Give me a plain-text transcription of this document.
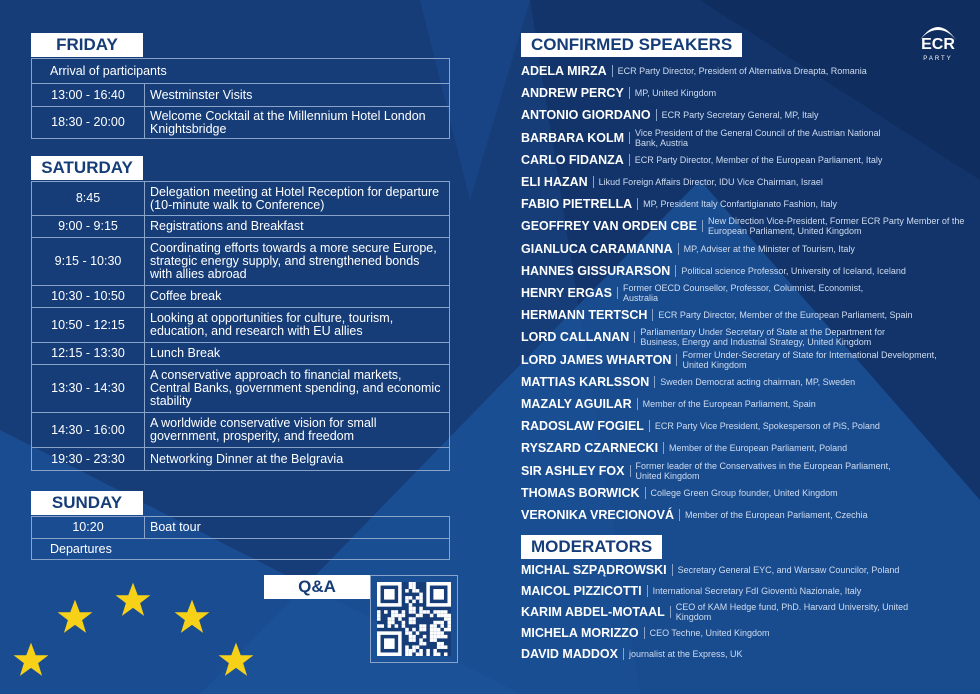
FRIDAY
Arrival of participants	
13:00 - 16:40	Westminster Visits
18:30 - 20:00	Welcome Cocktail at the Millennium Hotel London Knightsbridge
SATURDAY
8:45	Delegation meeting at Hotel Reception for departure (10-minute walk to Conference)
9:00 - 9:15	Registrations and Breakfast
9:15 - 10:30	Coordinating efforts towards a more secure Europe, strategic energy supply, and strengthened bonds with allies abroad
10:30 - 10:50	Coffee break
10:50 - 12:15	Looking at opportunities for culture, tourism, education, and research with EU allies
12:15 - 13:30	Lunch Break
13:30 - 14:30	A conservative approach to financial markets, Central Banks, government spending, and economic stability
14:30 - 16:00	A worldwide conservative vision for small government, prosperity, and freedom
19:30 - 23:30	Networking Dinner at the Belgravia
SUNDAY
10:20	Boat tour
Departures
Q&A
ECR
PARTY
CONFIRMED SPEAKERS
ADELA MIRZA ECR Party Director, President of Alternativa Dreapta, Romania
ANDREW PERCY MP, United Kingdom
ANTONIO GIORDANO ECR Party Secretary General, MP, Italy
BARBARA KOLM Vice President of the General Council of the Austrian National Bank, Austria
CARLO FIDANZA ECR Party Director, Member of the European Parliament, Italy
ELI HAZAN Likud Foreign Affairs Director, IDU Vice Chairman, Israel
FABIO PIETRELLA MP, President Italy Confartigianato Fashion, Italy
GEOFFREY VAN ORDEN CBE New Direction Vice-President, Former ECR Party Member of the European Parliament, United Kingdom
GIANLUCA CARAMANNA MP, Adviser at the Minister of Tourism, Italy
HANNES GISSURARSON Political science Professor, University of Iceland, Iceland
HENRY ERGAS Former OECD Counsellor, Professor, Columnist, Economist, Australia
HERMANN TERTSCH ECR Party Director, Member of the European Parliament, Spain
LORD CALLANAN Parliamentary Under Secretary of State at the Department for Business, Energy and Industrial Strategy, United Kingdom
LORD JAMES WHARTON Former Under-Secretary of State for International Development, United Kingdom
MATTIAS KARLSSON Sweden Democrat acting chairman, MP, Sweden
MAZALY AGUILAR Member of the European Parliament, Spain
RADOSLAW FOGIEL ECR Party Vice President, Spokesperson of PiS, Poland
RYSZARD CZARNECKI Member of the European Parliament, Poland
SIR ASHLEY FOX Former leader of the Conservatives in the European Parliament, United Kingdom
THOMAS BORWICK College Green Group founder, United Kingdom
VERONIKA VRECIONOVÁ Member of the European Parliament, Czechia
MODERATORS
MICHAL SZPĄDROWSKI Secretary General EYC, and Warsaw Councilor, Poland
MAICOL PIZZICOTTI International Secretary FdI Gioventù Nazionale, Italy
KARIM ABDEL-MOTAAL CEO of KAM Hedge fund, PhD. Harvard University, United Kingdom
MICHELA MORIZZO CEO Techne, United Kingdom
DAVID MADDOX journalist at the Express, UK
